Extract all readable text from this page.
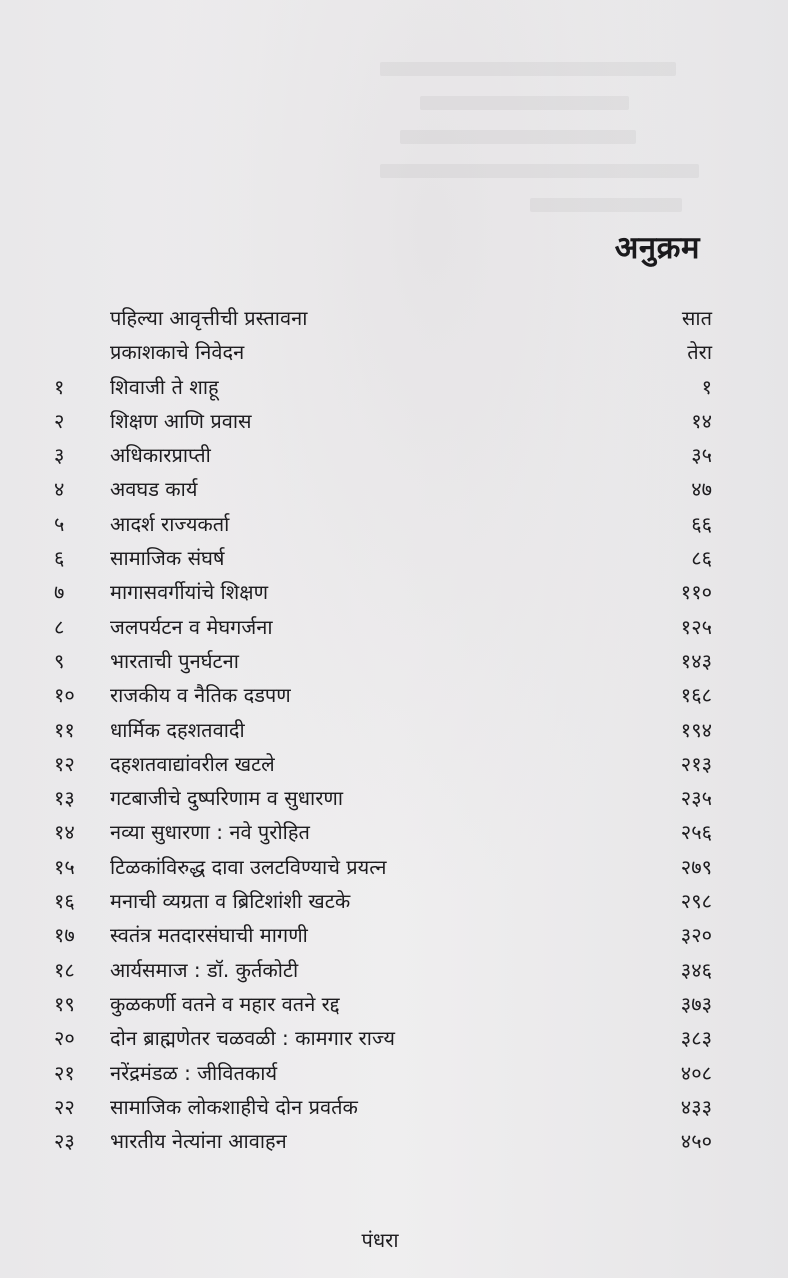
अनुक्रम
पहिल्या आवृत्तीची प्रस्तावना	सात
प्रकाशकाचे निवेदन	तेरा
१	शिवाजी ते शाहू	१
२	शिक्षण आणि प्रवास	१४
३	अधिकारप्राप्ती	३५
४	अवघड कार्य	४७
५	आदर्श राज्यकर्ता	६६
६	सामाजिक संघर्ष	८६
७	मागासवर्गीयांचे शिक्षण	११०
८	जलपर्यटन व मेघगर्जना	१२५
९	भारताची पुनर्घटना	१४३
१०	राजकीय व नैतिक दडपण	१६८
११	धार्मिक दहशतवादी	१९४
१२	दहशतवाद्यांवरील खटले	२१३
१३	गटबाजीचे दुष्परिणाम व सुधारणा	२३५
१४	नव्या सुधारणा : नवे पुरोहित	२५६
१५	टिळकांविरुद्ध दावा उलटविण्याचे प्रयत्न	२७९
१६	मनाची व्यग्रता व ब्रिटिशांशी खटके	२९८
१७	स्वतंत्र मतदारसंघाची मागणी	३२०
१८	आर्यसमाज : डॉ. कुर्तकोटी	३४६
१९	कुळकर्णी वतने व महार वतने रद्द	३७३
२०	दोन ब्राह्मणेतर चळवळी : कामगार राज्य	३८३
२१	नरेंद्रमंडळ : जीवितकार्य	४०८
२२	सामाजिक लोकशाहीचे दोन प्रवर्तक	४३३
२३	भारतीय नेत्यांना आवाहन	४५०
पंधरा
